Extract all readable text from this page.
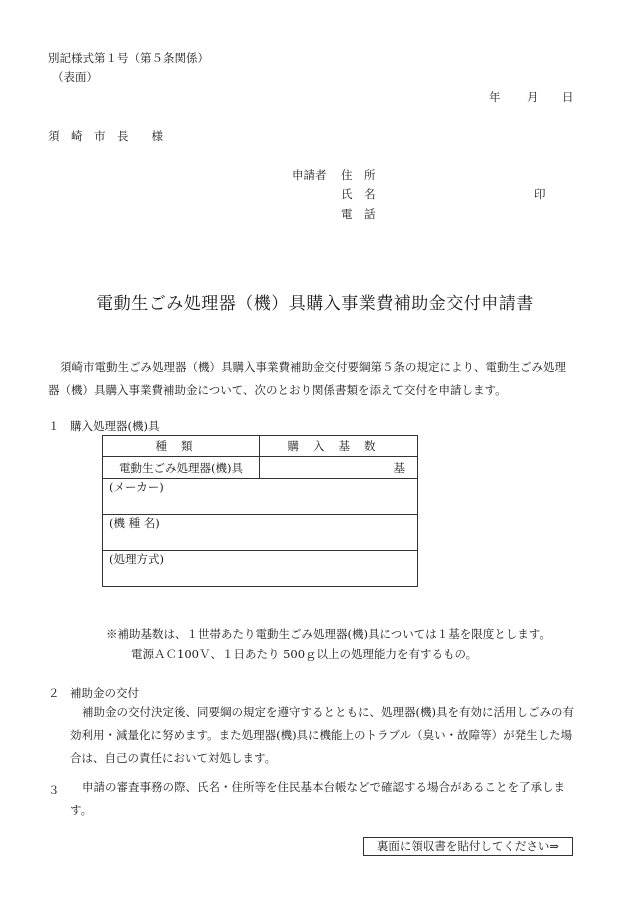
別記様式第１号（第５条関係）
（表面）
年 月 日
須　崎　市　長　　様
申請者 住　所
氏　名	印
電　話
電動生ごみ処理器（機）具購入事業費補助金交付申請書
須崎市電動生ごみ処理器（機）具購入事業費補助金交付要綱第５条の規定により、電動生ごみ処理器（機）具購入事業費補助金について、次のとおり関係書類を添えて交付を申請します。
１ 購入処理器(機)具
種類	購入基数
電動生ごみ処理器(機)具	基
(メーカー)	
(機 種 名)	
(処理方式)	
※補助基数は、１世帯あたり電動生ごみ処理器(機)具については１基を限度とします。
電源ＡＣ100Ｖ、１日あたり 500ｇ以上の処理能力を有するもの。
２ 補助金の交付
補助金の交付決定後、同要綱の規定を遵守するとともに、処理器(機)具を有効に活用しごみの有効利用・減量化に努めます。また処理器(機)具に機能上のトラブル（臭い・故障等）が発生した場合は、自己の責任において対処します。
３	申請の審査事務の際、氏名・住所等を住民基本台帳などで確認する場合があることを了承します。
裏面に領収書を貼付してください⇒
